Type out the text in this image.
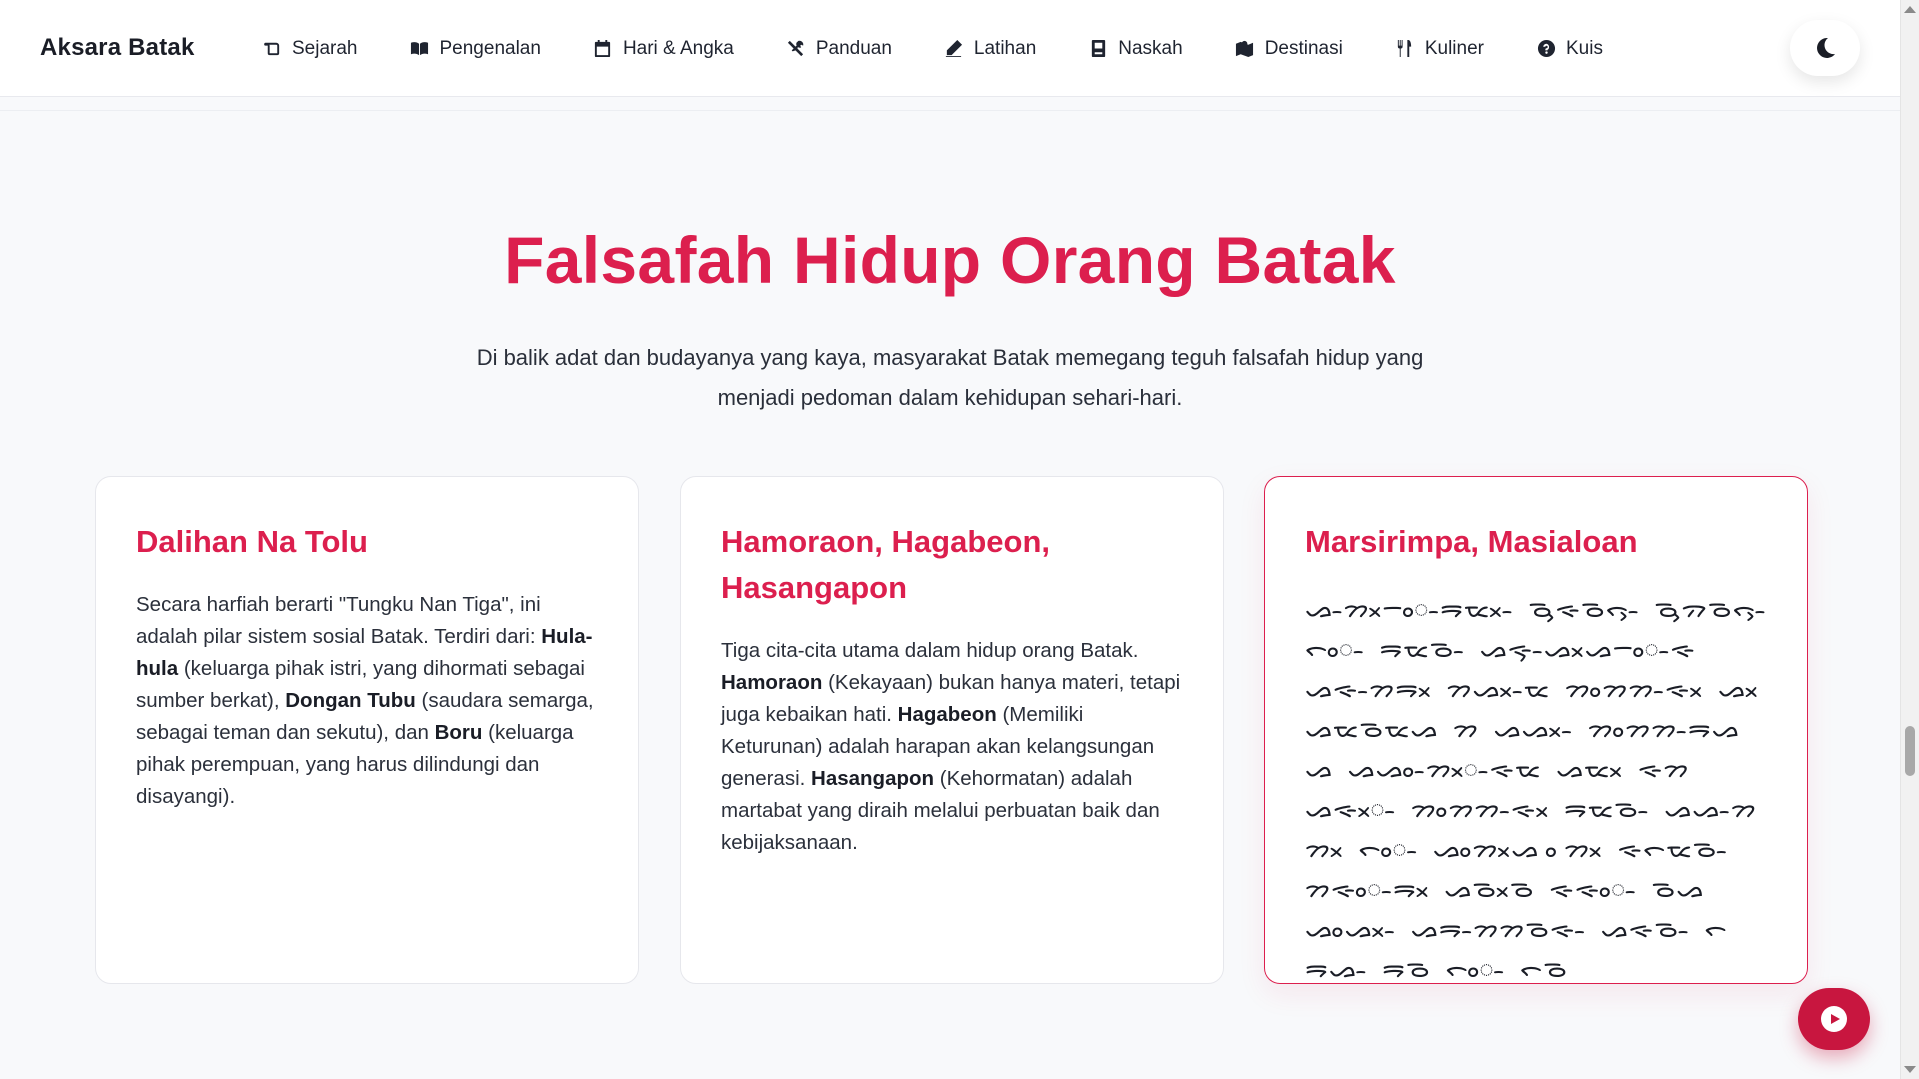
Aksara Batak	Sejarah	Pengenalan	Hari & Angka	Panduan	Latihan	Naskah	Destinasi	Kuliner	Kuis
Falsafah Hidup Orang Batak

Di balik adat dan budayanya yang kaya, masyarakat Batak memegang teguh falsafah hidup yang menjadi pedoman dalam kehidupan sehari-hari.

Dalihan Na Tolu
Secara harfiah berarti "Tungku Nan Tiga", ini adalah pilar sistem sosial Batak. Terdiri dari: Hula-hula (keluarga pihak istri, yang dihormati sebagai sumber berkat), Dongan Tubu (saudara semarga, sebagai teman dan sekutu), dan Boru (keluarga pihak perempuan, yang harus dilindungi dan disayangi).
Hamoraon, Hagabeon, Hasangapon
Tiga cita-cita utama dalam hidup orang Batak. Hamoraon (Kekayaan) bukan hanya materi, tetapi juga kebaikan hati. Hagabeon (Memiliki Keturunan) adalah harapan akan kelangsungan generasi. Hasangapon (Kehormatan) adalah martabat yang diraih melalui perbuatan baik dan kebijaksanaan.
Marsirimpa, Masialoan
ᯀ᯳ᯂᯬᯇᯪ᯳ᯒᯬᯔ᯳ ᯉᯮᯐᯉᯮᯞ᯳ ᯉᯮᯄᯉᯮᯞ᯳ ᯞᯪ᯳ ᯒᯔᯉ᯳ ᯀᯮᯐ᯳ᯀᯬᯀᯇᯪ᯳ᯐ ᯀᯐ᯳ᯂᯒᯬ ᯂᯬᯀ᯳ᯔ ᯂᯪᯂᯂ᯳ᯐᯬ ᯀᯬᯀᯔᯉᯔᯀ ᯂ ᯀᯬᯀ᯳ ᯂᯪᯂᯂ᯳ᯒᯀᯀ ᯀᯪᯀ᯳ᯂᯬ᯳ᯐᯔ ᯀᯔᯬ ᯐᯂᯀᯐᯬ᯳ ᯂᯪᯂᯂ᯳ᯐᯬ ᯒᯔᯉ᯳ ᯀᯀ᯳ᯂ ᯂᯬ ᯞᯪ᯳ ᯀᯪᯂᯬᯀ ᯪᯂᯬ ᯐᯞᯔᯉ᯳ ᯂᯐᯪ᯳ᯒᯬ ᯀᯉᯬᯉ ᯐᯐᯪ᯳ ᯉᯀᯀᯪᯬᯀ᯳ ᯀᯒ᯳ᯂᯂᯉᯐ᯳ ᯀᯐᯉ᯳ ᯞᯒᯀ᯳ ᯒᯉ ᯞᯪ᯳ ᯞᯉ
